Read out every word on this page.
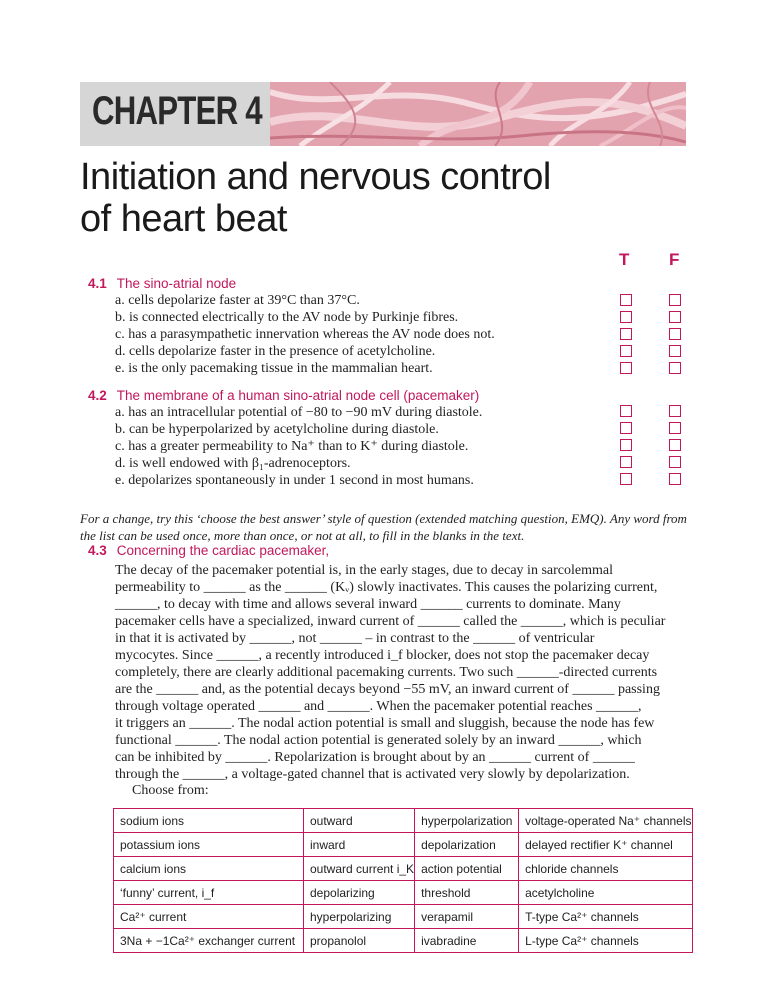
CHAPTER 4
Initiation and nervous control
of heart beat
T F
4.1 The sino-atrial node
a. cells depolarize faster at 39°C than 37°C.
b. is connected electrically to the AV node by Purkinje fibres.
c. has a parasympathetic innervation whereas the AV node does not.
d. cells depolarize faster in the presence of acetylcholine.
e. is the only pacemaking tissue in the mammalian heart.
4.2 The membrane of a human sino-atrial node cell (pacemaker)
a. has an intracellular potential of −80 to −90 mV during diastole.
b. can be hyperpolarized by acetylcholine during diastole.
c. has a greater permeability to Na⁺ than to K⁺ during diastole.
d. is well endowed with β₁-adrenoceptors.
e. depolarizes spontaneously in under 1 second in most humans.

For a change, try this ‘choose the best answer’ style of question (extended matching question, EMQ). Any word from the list can be used once, more than once, or not at all, to fill in the blanks in the text.

4.3 Concerning the cardiac pacemaker,
The decay of the pacemaker potential is, in the early stages, due to decay in sarcolemmal
permeability to ______ as the ______ (Kᵥ) slowly inactivates. This causes the polarizing current,
______, to decay with time and allows several inward ______ currents to dominate. Many
pacemaker cells have a specialized, inward current of ______ called the ______, which is peculiar
in that it is activated by ______, not ______ – in contrast to the ______ of ventricular
mycocytes. Since ______, a recently introduced i_f blocker, does not stop the pacemaker decay
completely, there are clearly additional pacemaking currents. Two such ______-directed currents
are the ______ and, as the potential decays beyond −55 mV, an inward current of ______ passing
through voltage operated ______ and ______. When the pacemaker potential reaches ______,
it triggers an ______. The nodal action potential is small and sluggish, because the node has few
functional ______. The nodal action potential is generated solely by an inward ______, which
can be inhibited by ______. Repolarization is brought about by an ______ current of ______
through the ______, a voltage-gated channel that is activated very slowly by depolarization.
Choose from:
sodium ions	outward	hyperpolarization	voltage-operated Na⁺ channels
potassium ions	inward	depolarization	delayed rectifier K⁺ channel
calcium ions	outward current i_K	action potential	chloride channels
‘funny’ current, i_f	depolarizing	threshold	acetylcholine
Ca²⁺ current	hyperpolarizing	verapamil	T-type Ca²⁺ channels
3Na + −1Ca²⁺ exchanger current	propanolol	ivabradine	L-type Ca²⁺ channels
